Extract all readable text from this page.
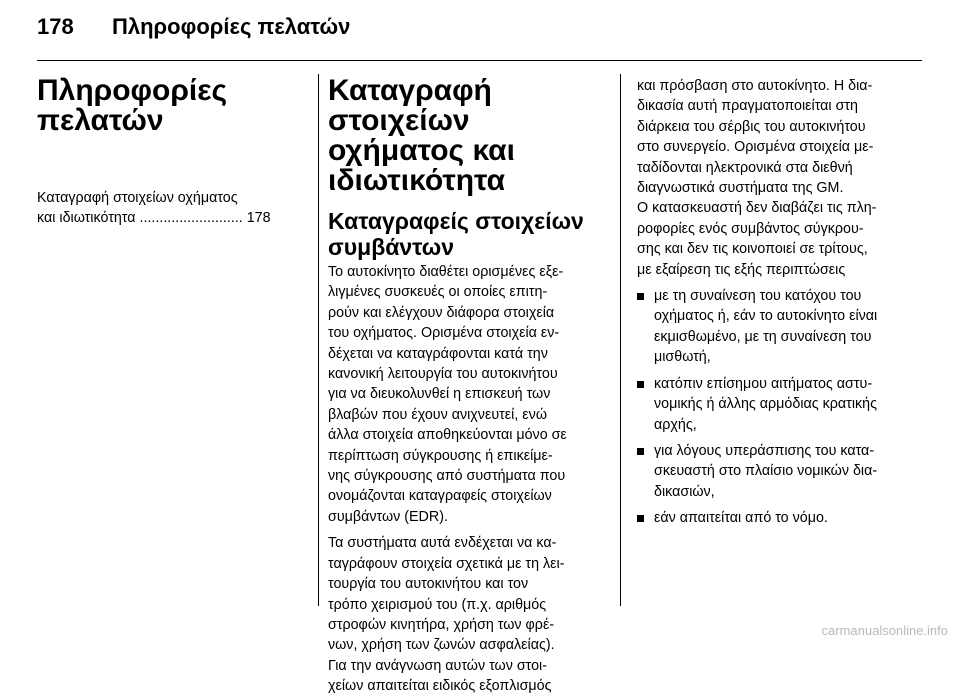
178 Πληροφορίες πελατών
Πληροφορίες
πελατών
Καταγραφή στοιχείων οχήματος
και ιδιωτικότητα .......................... 178
Καταγραφή στοιχείων
οχήματος και
ιδιωτικότητα
Καταγραφείς στοιχείων
συμβάντων
Το αυτοκίνητο διαθέτει ορισμένες εξε-
λιγμένες συσκευές οι οποίες επιτη-
ρούν και ελέγχουν διάφορα στοιχεία
του οχήματος. Ορισμένα στοιχεία εν-
δέχεται να καταγράφονται κατά την
κανονική λειτουργία του αυτοκινήτου
για να διευκολυνθεί η επισκευή των
βλαβών που έχουν ανιχνευτεί, ενώ
άλλα στοιχεία αποθηκεύονται μόνο σε
περίπτωση σύγκρουσης ή επικείμε-
νης σύγκρουσης από συστήματα που
ονομάζονται καταγραφείς στοιχείων
συμβάντων (EDR).
Τα συστήματα αυτά ενδέχεται να κα-
ταγράφουν στοιχεία σχετικά με τη λει-
τουργία του αυτοκινήτου και τον
τρόπο χειρισμού του (π.χ. αριθμός
στροφών κινητήρα, χρήση των φρέ-
νων, χρήση των ζωνών ασφαλείας).
Για την ανάγνωση αυτών των στοι-
χείων απαιτείται ειδικός εξοπλισμός
και πρόσβαση στο αυτοκίνητο. Η δια-
δικασία αυτή πραγματοποιείται στη
διάρκεια του σέρβις του αυτοκινήτου
στο συνεργείο. Ορισμένα στοιχεία με-
ταδίδονται ηλεκτρονικά στα διεθνή
διαγνωστικά συστήματα της GM.
Ο κατασκευαστή δεν διαβάζει τις πλη-
ροφορίες ενός συμβάντος σύγκρου-
σης και δεν τις κοινοποιεί σε τρίτους,
με εξαίρεση τις εξής περιπτώσεις
με τη συναίνεση του κατόχου του
οχήματος ή, εάν το αυτοκίνητο είναι
εκμισθωμένο, με τη συναίνεση του
μισθωτή,
κατόπιν επίσημου αιτήματος αστυ-
νομικής ή άλλης αρμόδιας κρατικής
αρχής,
για λόγους υπεράσπισης του κατα-
σκευαστή στο πλαίσιο νομικών δια-
δικασιών,
εάν απαιτείται από το νόμο.
carmanualsonline.info
